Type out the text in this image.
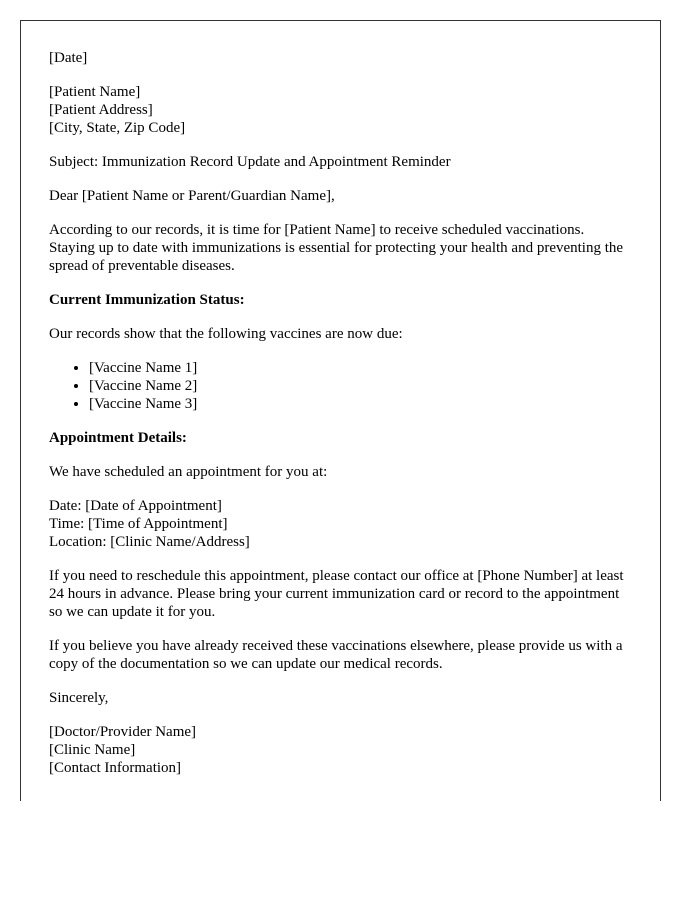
[Date]

[Patient Name]
[Patient Address]
[City, State, Zip Code]

Subject: Immunization Record Update and Appointment Reminder

Dear [Patient Name or Parent/Guardian Name],

According to our records, it is time for [Patient Name] to receive scheduled vaccinations. Staying up to date with immunizations is essential for protecting your health and preventing the spread of preventable diseases.

Current Immunization Status:

Our records show that the following vaccines are now due:

• [Vaccine Name 1]
• [Vaccine Name 2]
• [Vaccine Name 3]

Appointment Details:

We have scheduled an appointment for you at:

Date: [Date of Appointment]
Time: [Time of Appointment]
Location: [Clinic Name/Address]

If you need to reschedule this appointment, please contact our office at [Phone Number] at least 24 hours in advance. Please bring your current immunization card or record to the appointment so we can update it for you.

If you believe you have already received these vaccinations elsewhere, please provide us with a copy of the documentation so we can update our medical records.

Sincerely,

[Doctor/Provider Name]
[Clinic Name]
[Contact Information]
